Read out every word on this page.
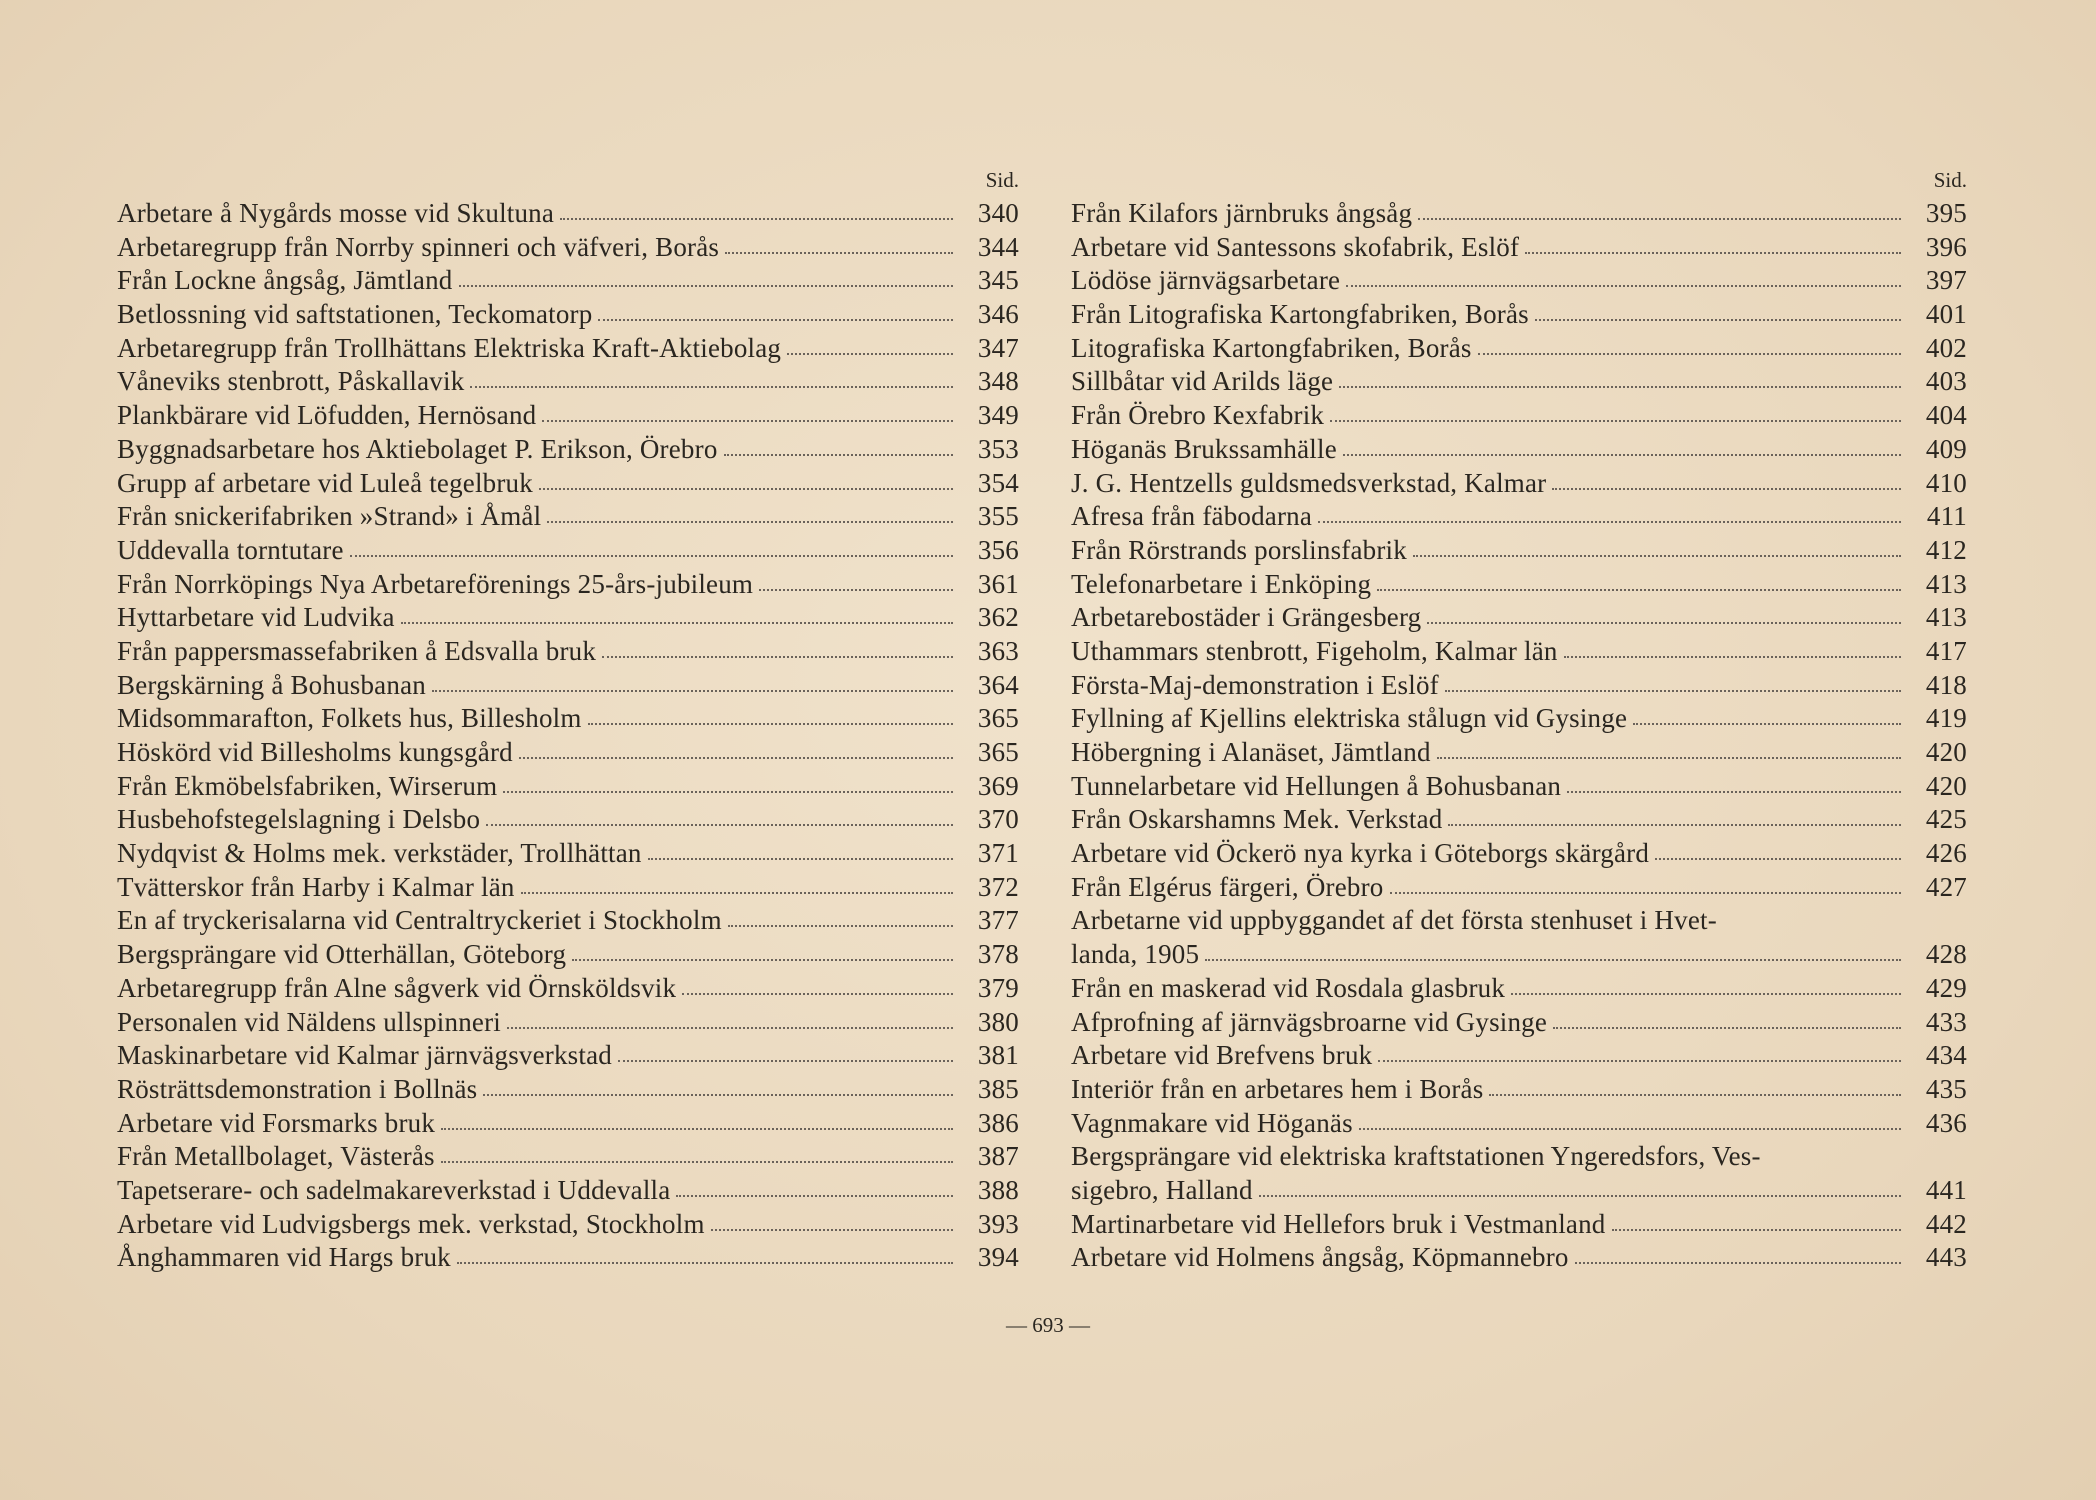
Sid.
Arbetare å Nygårds mosse vid Skultuna	340
Arbetaregrupp från Norrby spinneri och väfveri, Borås	344
Från Lockne ångsåg, Jämtland	345
Betlossning vid saftstationen, Teckomatorp	346
Arbetaregrupp från Trollhättans Elektriska Kraft-Aktiebolag	347
Våneviks stenbrott, Påskallavik	348
Plankbärare vid Löfudden, Hernösand	349
Byggnadsarbetare hos Aktiebolaget P. Erikson, Örebro	353
Grupp af arbetare vid Luleå tegelbruk	354
Från snickerifabriken »Strand» i Åmål	355
Uddevalla torntutare	356
Från Norrköpings Nya Arbetareförenings 25-års-jubileum	361
Hyttarbetare vid Ludvika	362
Från pappersmassefabriken å Edsvalla bruk	363
Bergskärning å Bohusbanan	364
Midsommarafton, Folkets hus, Billesholm	365
Höskörd vid Billesholms kungsgård	365
Från Ekmöbelsfabriken, Wirserum	369
Husbehofstegelslagning i Delsbo	370
Nydqvist & Holms mek. verkstäder, Trollhättan	371
Tvätterskor från Harby i Kalmar län	372
En af tryckerisalarna vid Centraltryckeriet i Stockholm	377
Bergsprängare vid Otterhällan, Göteborg	378
Arbetaregrupp från Alne sågverk vid Örnsköldsvik	379
Personalen vid Näldens ullspinneri	380
Maskinarbetare vid Kalmar järnvägsverkstad	381
Rösträttsdemonstration i Bollnäs	385
Arbetare vid Forsmarks bruk	386
Från Metallbolaget, Västerås	387
Tapetserare- och sadelmakareverkstad i Uddevalla	388
Arbetare vid Ludvigsbergs mek. verkstad, Stockholm	393
Ånghammaren vid Hargs bruk	394
Sid.
Från Kilafors järnbruks ångsåg	395
Arbetare vid Santessons skofabrik, Eslöf	396
Lödöse järnvägsarbetare	397
Från Litografiska Kartongfabriken, Borås	401
Litografiska Kartongfabriken, Borås	402
Sillbåtar vid Arilds läge	403
Från Örebro Kexfabrik	404
Höganäs Brukssamhälle	409
J. G. Hentzells guldsmedsverkstad, Kalmar	410
Afresa från fäbodarna	411
Från Rörstrands porslinsfabrik	412
Telefonarbetare i Enköping	413
Arbetarebostäder i Grängesberg	413
Uthammars stenbrott, Figeholm, Kalmar län	417
Första-Maj-demonstration i Eslöf	418
Fyllning af Kjellins elektriska stålugn vid Gysinge	419
Höbergning i Alanäset, Jämtland	420
Tunnelarbetare vid Hellungen å Bohusbanan	420
Från Oskarshamns Mek. Verkstad	425
Arbetare vid Öckerö nya kyrka i Göteborgs skärgård	426
Från Elgérus färgeri, Örebro	427
Arbetarne vid uppbyggandet af det första stenhuset i Hvet-
landa, 1905	428
Från en maskerad vid Rosdala glasbruk	429
Afprofning af järnvägsbroarne vid Gysinge	433
Arbetare vid Brefvens bruk	434
Interiör från en arbetares hem i Borås	435
Vagnmakare vid Höganäs	436
Bergsprängare vid elektriska kraftstationen Yngeredsfors, Ves-
sigebro, Halland	441
Martinarbetare vid Hellefors bruk i Vestmanland	442
Arbetare vid Holmens ångsåg, Köpmannebro	443
— 693 —
